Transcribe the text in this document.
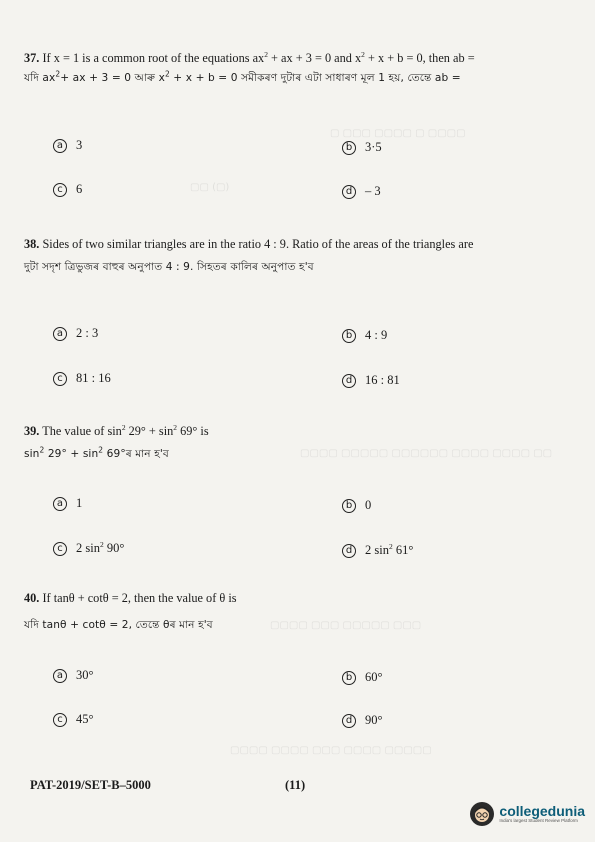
▢ ▢▢▢ ▢▢▢▢ ▢ ▢▢▢▢
▢▢ (▢)
▢▢▢▢ ▢▢▢▢▢ ▢▢▢▢▢▢ ▢▢▢▢ ▢▢▢▢ ▢▢
▢▢▢▢ ▢▢▢ ▢▢▢▢▢ ▢▢▢
▢▢▢▢ ▢▢▢▢ ▢▢▢ ▢▢▢▢ ▢▢▢▢▢
37. If x = 1 is a common root of the equations $ax^2$ + ax + 3 = 0 and $x^2 + x + b = 0$, then ab =
যদি $ax^2+$ ax + 3 = 0 আৰু $x^2 + x + b = 0$ সমীকৰণ দুটাৰ এটা সাধাৰণ মূল 1 হয়, তেন্তে ab =
a	3	b	3·5
c	6	d	– 3
38. Sides of two similar triangles are in the ratio 4 : 9. Ratio of the areas of the triangles are
দুটা সদৃশ ত্ৰিভুজৰ বাহুৰ অনুপাত 4 : 9. সিহতৰ কালিৰ অনুপাত হ'ব
a	2 : 3	b	4 : 9
c	81 : 16	d	16 : 81
39. The value of $\sin^2 29^\circ + \sin^2 69^\circ$ is
$\sin^2 29^\circ + \sin^2$ 69°ৰ মান হ'ব
a	1	b	0
c	2 $\sin^2 90^\circ$	d	2 $\sin^2 61^\circ$
40. If tanθ + cotθ = 2, then the value of θ is
যদি tanθ + cotθ = 2, তেন্তে θৰ মান হ'ব
a	30°	b	60°
c	45°	d	90°
PAT-2019/SET-B–5000	(11)
collegedunia
India's largest Student Review Platform
